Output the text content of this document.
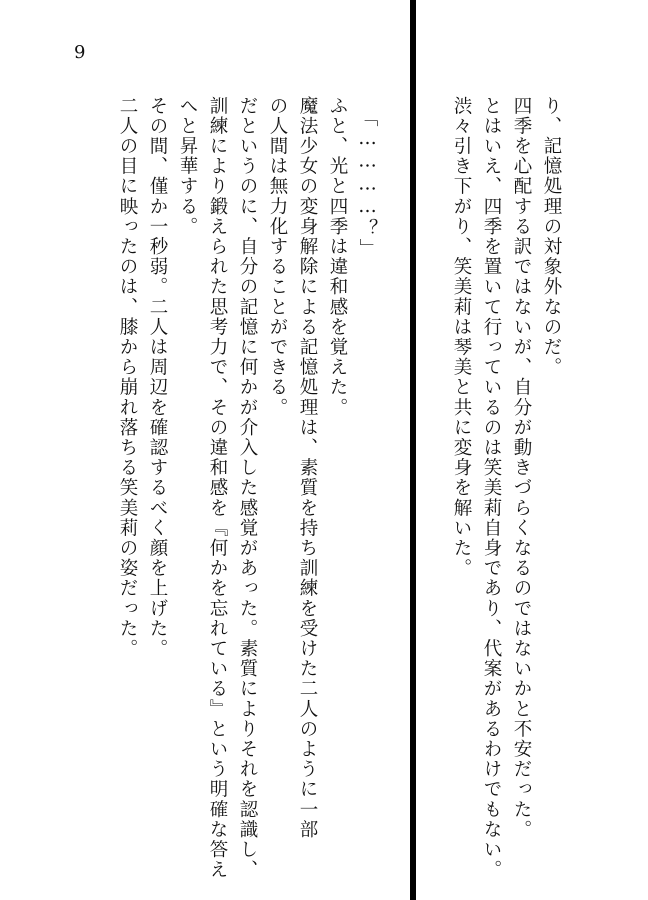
9
り、記憶処理の対象外なのだ。
四季を心配する訳ではないが、自分が動きづらくなるのではないかと不安だった。
とはいえ、四季を置いて行っているのは笑美莉自身であり、代案があるわけでもない。
渋々引き下がり、笑美莉は琴美と共に変身を解いた。
「…………？」
ふと、光と四季は違和感を覚えた。
魔法少女の変身解除による記憶処理は、素質を持ち訓練を受けた二人のように一部
の人間は無力化することができる。
だというのに、自分の記憶に何かが介入した感覚があった。素質によりそれを認識し、
訓練により鍛えられた思考力で、その違和感を『何かを忘れている』という明確な答え
へと昇華する。
その間、僅か一秒弱。二人は周辺を確認するべく顔を上げた。
二人の目に映ったのは、膝から崩れ落ちる笑美莉の姿だった。
